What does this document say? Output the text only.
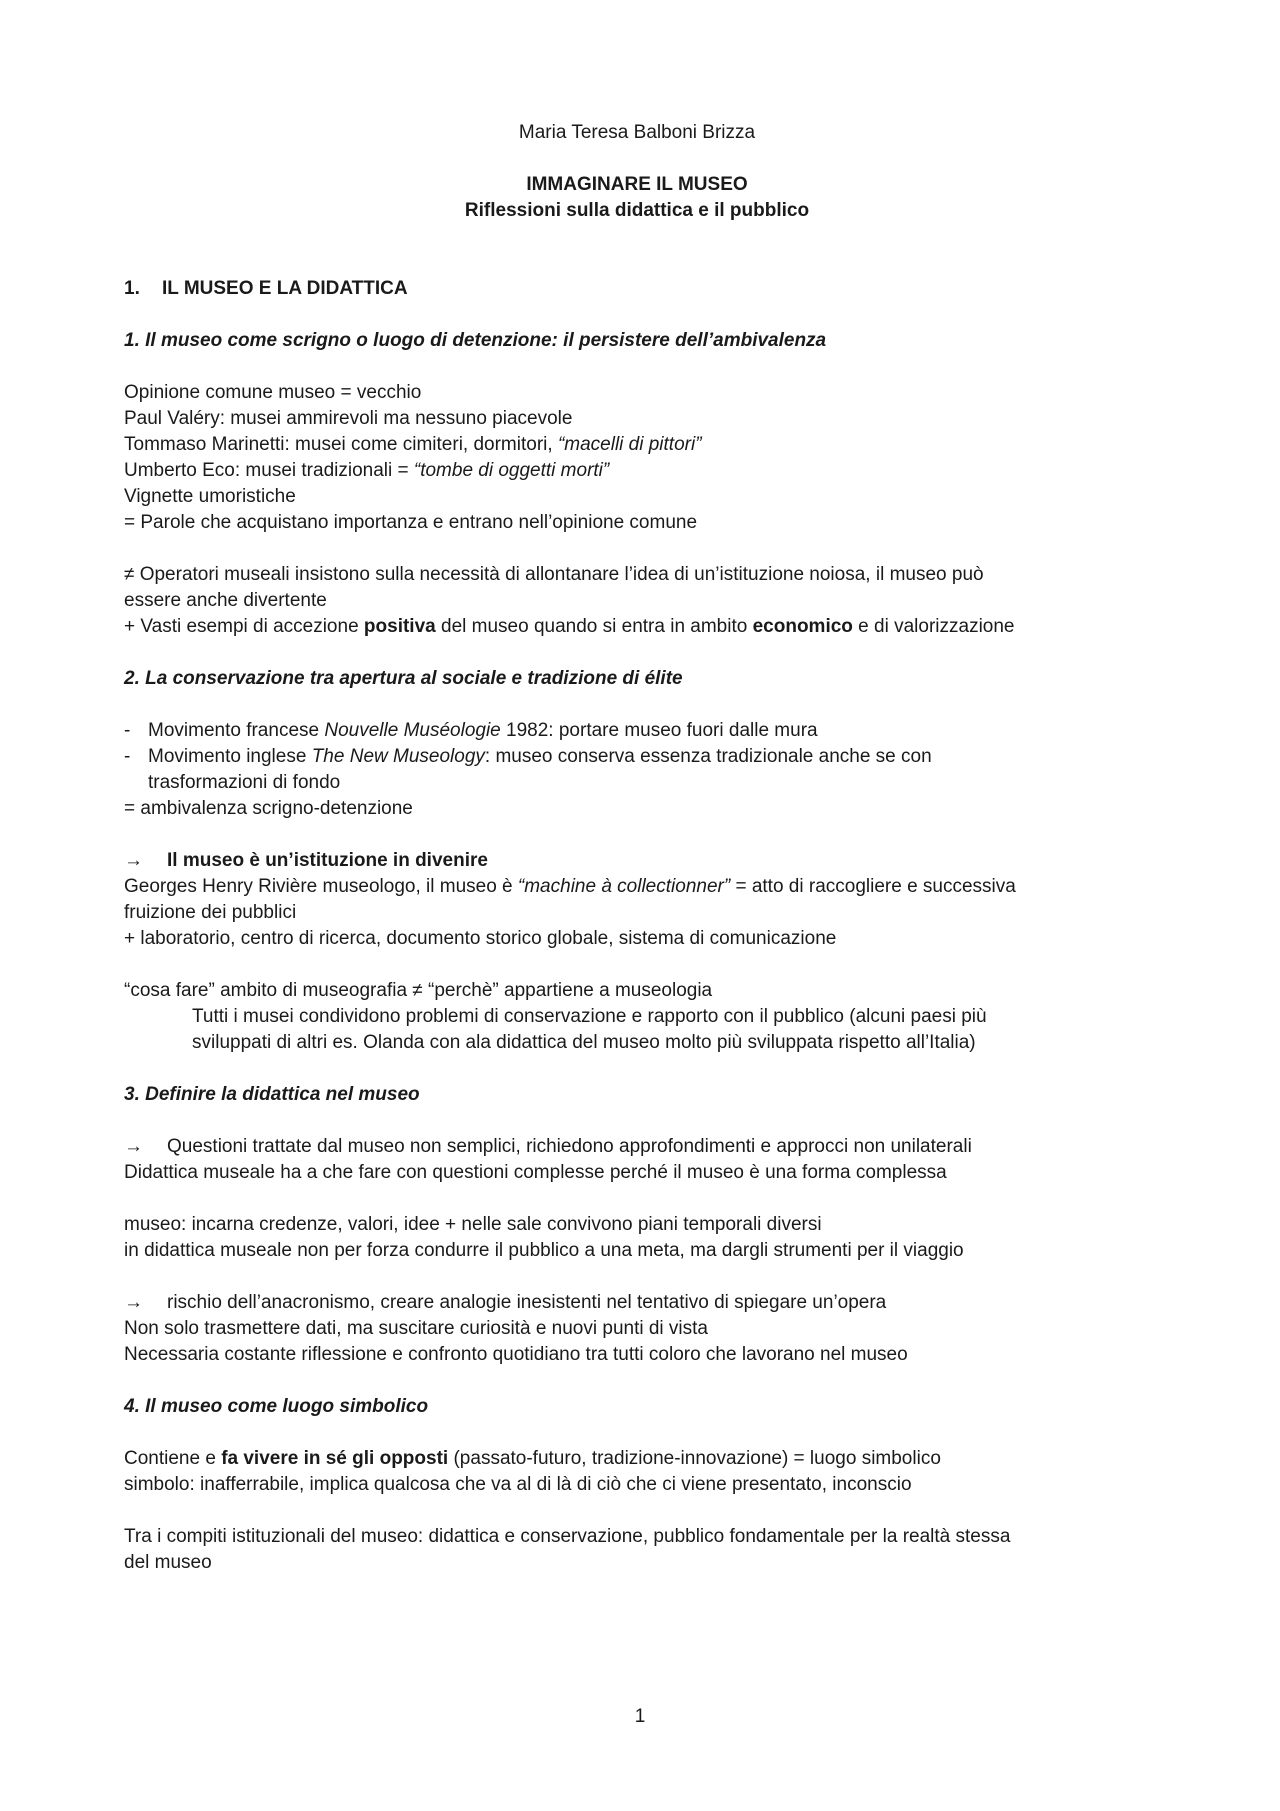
Maria Teresa Balboni Brizza

IMMAGINARE IL MUSEO

Riflessioni sulla didattica e il pubblico

1. IL MUSEO E LA DIDATTICA

1. Il museo come scrigno o luogo di detenzione: il persistere dell’ambivalenza

Opinione comune museo = vecchio

Paul Valéry: musei ammirevoli ma nessuno piacevole

Tommaso Marinetti: musei come cimiteri, dormitori, “macelli di pittori”

Umberto Eco: musei tradizionali = “tombe di oggetti morti”

Vignette umoristiche

= Parole che acquistano importanza e entrano nell’opinione comune

≠ Operatori museali insistono sulla necessità di allontanare l’idea di un’istituzione noiosa, il museo può

essere anche divertente

+ Vasti esempi di accezione positiva del museo quando si entra in ambito economico e di valorizzazione

2. La conservazione tra apertura al sociale e tradizione di élite

- Movimento francese Nouvelle Muséologie 1982: portare museo fuori dalle mura
- Movimento inglese The New Museology: museo conserva essenza tradizionale anche se con
trasformazioni di fondo

= ambivalenza scrigno-detenzione

→	Il museo è un’istituzione in divenire

Georges Henry Rivière museologo, il museo è “machine à collectionner” = atto di raccogliere e successiva

fruizione dei pubblici

+ laboratorio, centro di ricerca, documento storico globale, sistema di comunicazione

“cosa fare” ambito di museografia ≠ “perchè” appartiene a museologia

Tutti i musei condividono problemi di conservazione e rapporto con il pubblico (alcuni paesi più

sviluppati di altri es. Olanda con ala didattica del museo molto più sviluppata rispetto all’Italia)

3. Definire la didattica nel museo

→	Questioni trattate dal museo non semplici, richiedono approfondimenti e approcci non unilaterali

Didattica museale ha a che fare con questioni complesse perché il museo è una forma complessa

museo: incarna credenze, valori, idee + nelle sale convivono piani temporali diversi

in didattica museale non per forza condurre il pubblico a una meta, ma dargli strumenti per il viaggio

→	rischio dell’anacronismo, creare analogie inesistenti nel tentativo di spiegare un’opera

Non solo trasmettere dati, ma suscitare curiosità e nuovi punti di vista

Necessaria costante riflessione e confronto quotidiano tra tutti coloro che lavorano nel museo

4. Il museo come luogo simbolico

Contiene e fa vivere in sé gli opposti (passato-futuro, tradizione-innovazione) = luogo simbolico

simbolo: inafferrabile, implica qualcosa che va al di là di ciò che ci viene presentato, inconscio

Tra i compiti istituzionali del museo: didattica e conservazione, pubblico fondamentale per la realtà stessa

del museo

1
